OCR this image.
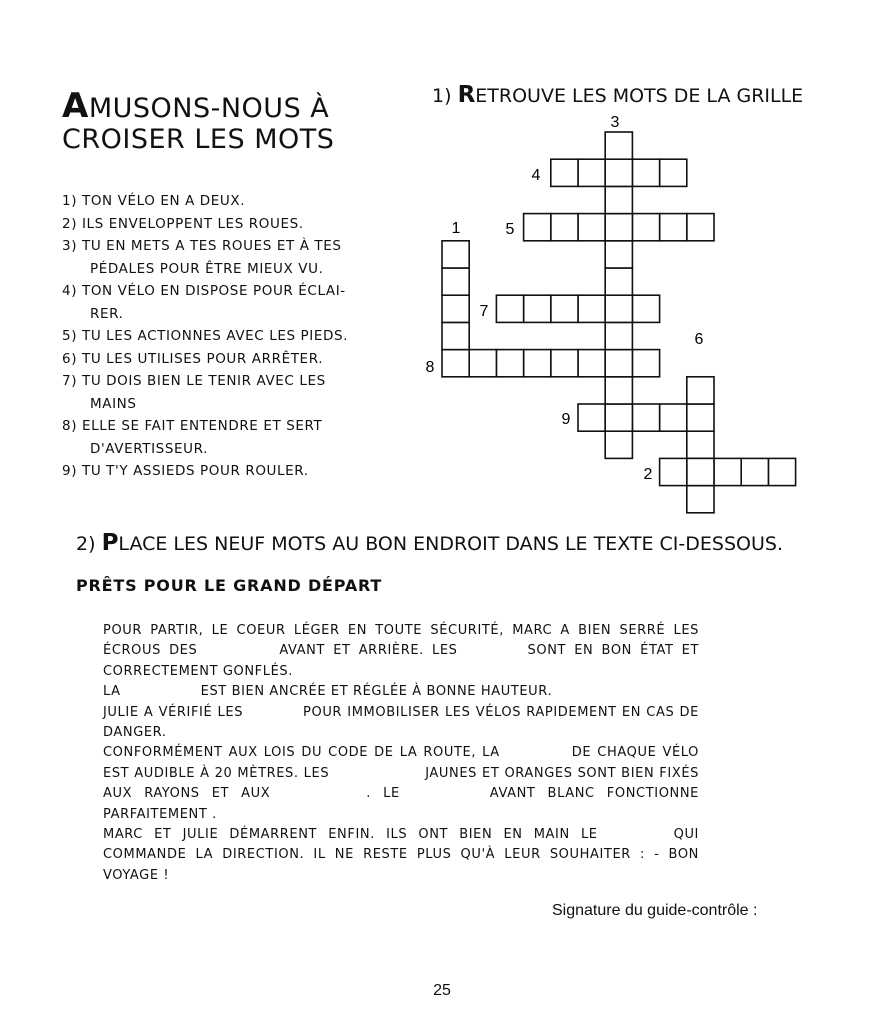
AMUSONS-NOUS À
CROISER LES MOTS
1) RETROUVE LES MOTS DE LA GRILLE
1) TON VÉLO EN A DEUX.
2) ILS ENVELOPPENT LES ROUES.
3) TU EN METS A TES ROUES ET À TES
PÉDALES POUR ÊTRE MIEUX VU.
4) TON VÉLO EN DISPOSE POUR ÉCLAI-
RER.
5) TU LES ACTIONNES AVEC LES PIEDS.
6) TU LES UTILISES POUR ARRÊTER.
7) TU DOIS BIEN LE TENIR AVEC LES
MAINS
8) ELLE SE FAIT ENTENDRE ET SERT
D'AVERTISSEUR.
9) TU T'Y ASSIEDS POUR ROULER.
1
2
3
4
5
6
7
8
9
2) PLACE LES NEUF MOTS AU BON ENDROIT DANS LE TEXTE CI-DESSOUS.
PRÊTS POUR LE GRAND DÉPART

POUR PARTIR, LE COEUR LÉGER EN TOUTE SÉCURITÉ, MARC A BIEN SERRÉ LES ÉCROUS DES	AVANT ET ARRIÈRE. LES	SONT EN BON ÉTAT ET CORRECTEMENT GONFLÉS.
LA	EST BIEN ANCRÉE ET RÉGLÉE À BONNE HAUTEUR.
JULIE A VÉRIFIÉ LES	POUR IMMOBILISER LES VÉLOS RAPIDEMENT EN CAS DE DANGER.
CONFORMÉMENT AUX LOIS DU CODE DE LA ROUTE, LA	DE CHAQUE VÉLO EST AUDIBLE À 20 MÈTRES. LES	JAUNES ET ORANGES SONT BIEN FIXÉS AUX RAYONS ET AUX	. LE	AVANT BLANC FONCTIONNE PARFAITEMENT .
MARC ET JULIE DÉMARRENT ENFIN. ILS ONT BIEN EN MAIN LE	QUI COMMANDE LA DIRECTION. IL NE RESTE PLUS QU'À LEUR SOUHAITER : - BON VOYAGE !

Signature du guide-contrôle :
25
